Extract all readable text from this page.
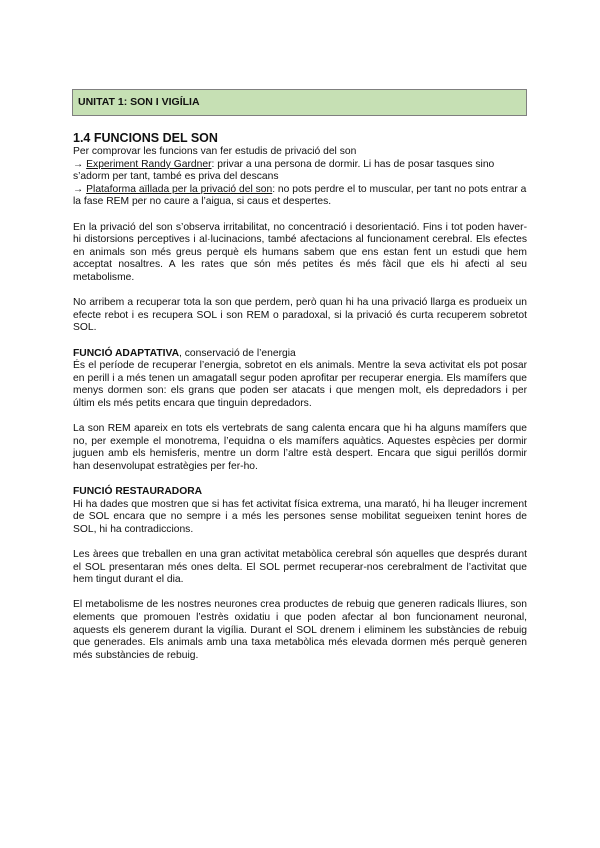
UNITAT 1: SON I VIGÍLIA
1.4 FUNCIONS DEL SON
Per comprovar les funcions van fer estudis de privació del son

→ Experiment Randy Gardner: privar a una persona de dormir. Li has de posar tasques sino s’adorm per tant, també es priva del descans

→ Plataforma aïllada per la privació del son: no pots perdre el to muscular, per tant no pots entrar a la fase REM per no caure a l’aigua, si caus et despertes.

En la privació del son s’observa irritabilitat, no concentració i desorientació. Fins i tot poden haver-hi distorsions perceptives i al·lucinacions, també afectacions al funcionament cerebral. Els efectes en animals son més greus perquè els humans sabem que ens estan fent un estudi que hem acceptat nosaltres. A les rates que són més petites és més fàcil que els hi afecti al seu metabolisme.

No arribem a recuperar tota la son que perdem, però quan hi ha una privació llarga es produeix un efecte rebot i es recupera SOL i son REM o paradoxal, si la privació és curta recuperem sobretot SOL.

FUNCIÓ ADAPTATIVA, conservació de l’energia

És el període de recuperar l’energia, sobretot en els animals. Mentre la seva activitat els pot posar en perill i a més tenen un amagatall segur poden aprofitar per recuperar energia. Els mamífers que menys dormen son: els grans que poden ser atacats i que mengen molt, els depredadors i per últim els més petits encara que tinguin depredadors.

La son REM apareix en tots els vertebrats de sang calenta encara que hi ha alguns mamífers que no, per exemple el monotrema, l’equidna o els mamífers aquàtics. Aquestes espècies per dormir juguen amb els hemisferis, mentre un dorm l’altre està despert. Encara que sigui perillós dormir han desenvolupat estratègies per fer-ho.

FUNCIÓ RESTAURADORA

Hi ha dades que mostren que si has fet activitat física extrema, una marató, hi ha lleuger increment de SOL encara que no sempre i a més les persones sense mobilitat segueixen tenint hores de SOL, hi ha contradiccions.

Les àrees que treballen en una gran activitat metabòlica cerebral són aquelles que després durant el SOL presentaran més ones delta. El SOL permet recuperar-nos cerebralment de l’activitat que hem tingut durant el dia.

El metabolisme de les nostres neurones crea productes de rebuig que generen radicals lliures, son elements que promouen l’estrès oxidatiu i que poden afectar al bon funcionament neuronal, aquests els generem durant la vigília. Durant el SOL drenem i eliminem les substàncies de rebuig que generades. Els animals amb una taxa metabòlica més elevada dormen més perquè generen més substàncies de rebuig.
